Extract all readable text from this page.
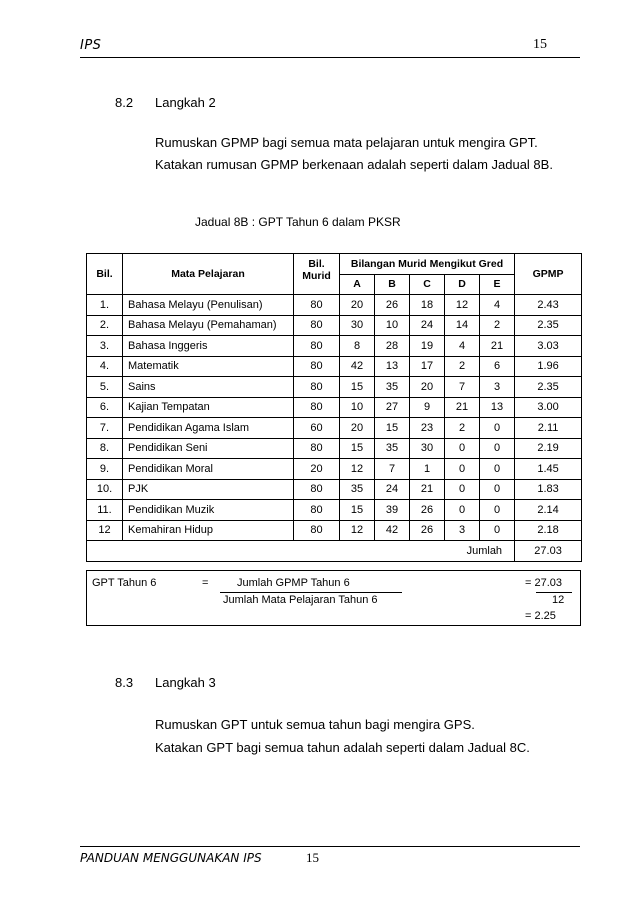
IPS	15
8.2 Langkah 2
Rumuskan GPMP bagi semua mata pelajaran untuk mengira GPT.
Katakan rumusan GPMP berkenaan adalah seperti dalam Jadual 8B.
Jadual 8B : GPT Tahun 6 dalam PKSR
Bil.	Mata Pelajaran	Bil. Murid	Bilangan Murid Mengikut Gred					GPMP
			A	B	C	D	E	
1.	Bahasa Melayu (Penulisan)	80	20	26	18	12	4	2.43
2.	Bahasa Melayu (Pemahaman)	80	30	10	24	14	2	2.35
3.	Bahasa Inggeris	80	8	28	19	4	21	3.03
4.	Matematik	80	42	13	17	2	6	1.96
5.	Sains	80	15	35	20	7	3	2.35
6.	Kajian Tempatan	80	10	27	9	21	13	3.00
7.	Pendidikan Agama Islam	60	20	15	23	2	0	2.11
8.	Pendidikan Seni	80	15	35	30	0	0	2.19
9.	Pendidikan Moral	20	12	7	1	0	0	1.45
10.	PJK	80	35	24	21	0	0	1.83
11.	Pendidikan Muzik	80	15	39	26	0	0	2.14
12	Kemahiran Hidup	80	12	42	26	3	0	2.18
Jumlah								27.03
GPT Tahun 6	=	Jumlah GPMP Tahun 6
Jumlah Mata Pelajaran Tahun 6
= 27.03
12
= 2.25
8.3 Langkah 3
Rumuskan GPT untuk semua tahun bagi mengira GPS.
Katakan GPT bagi semua tahun adalah seperti dalam Jadual 8C.
PANDUAN MENGGUNAKAN IPS	15
